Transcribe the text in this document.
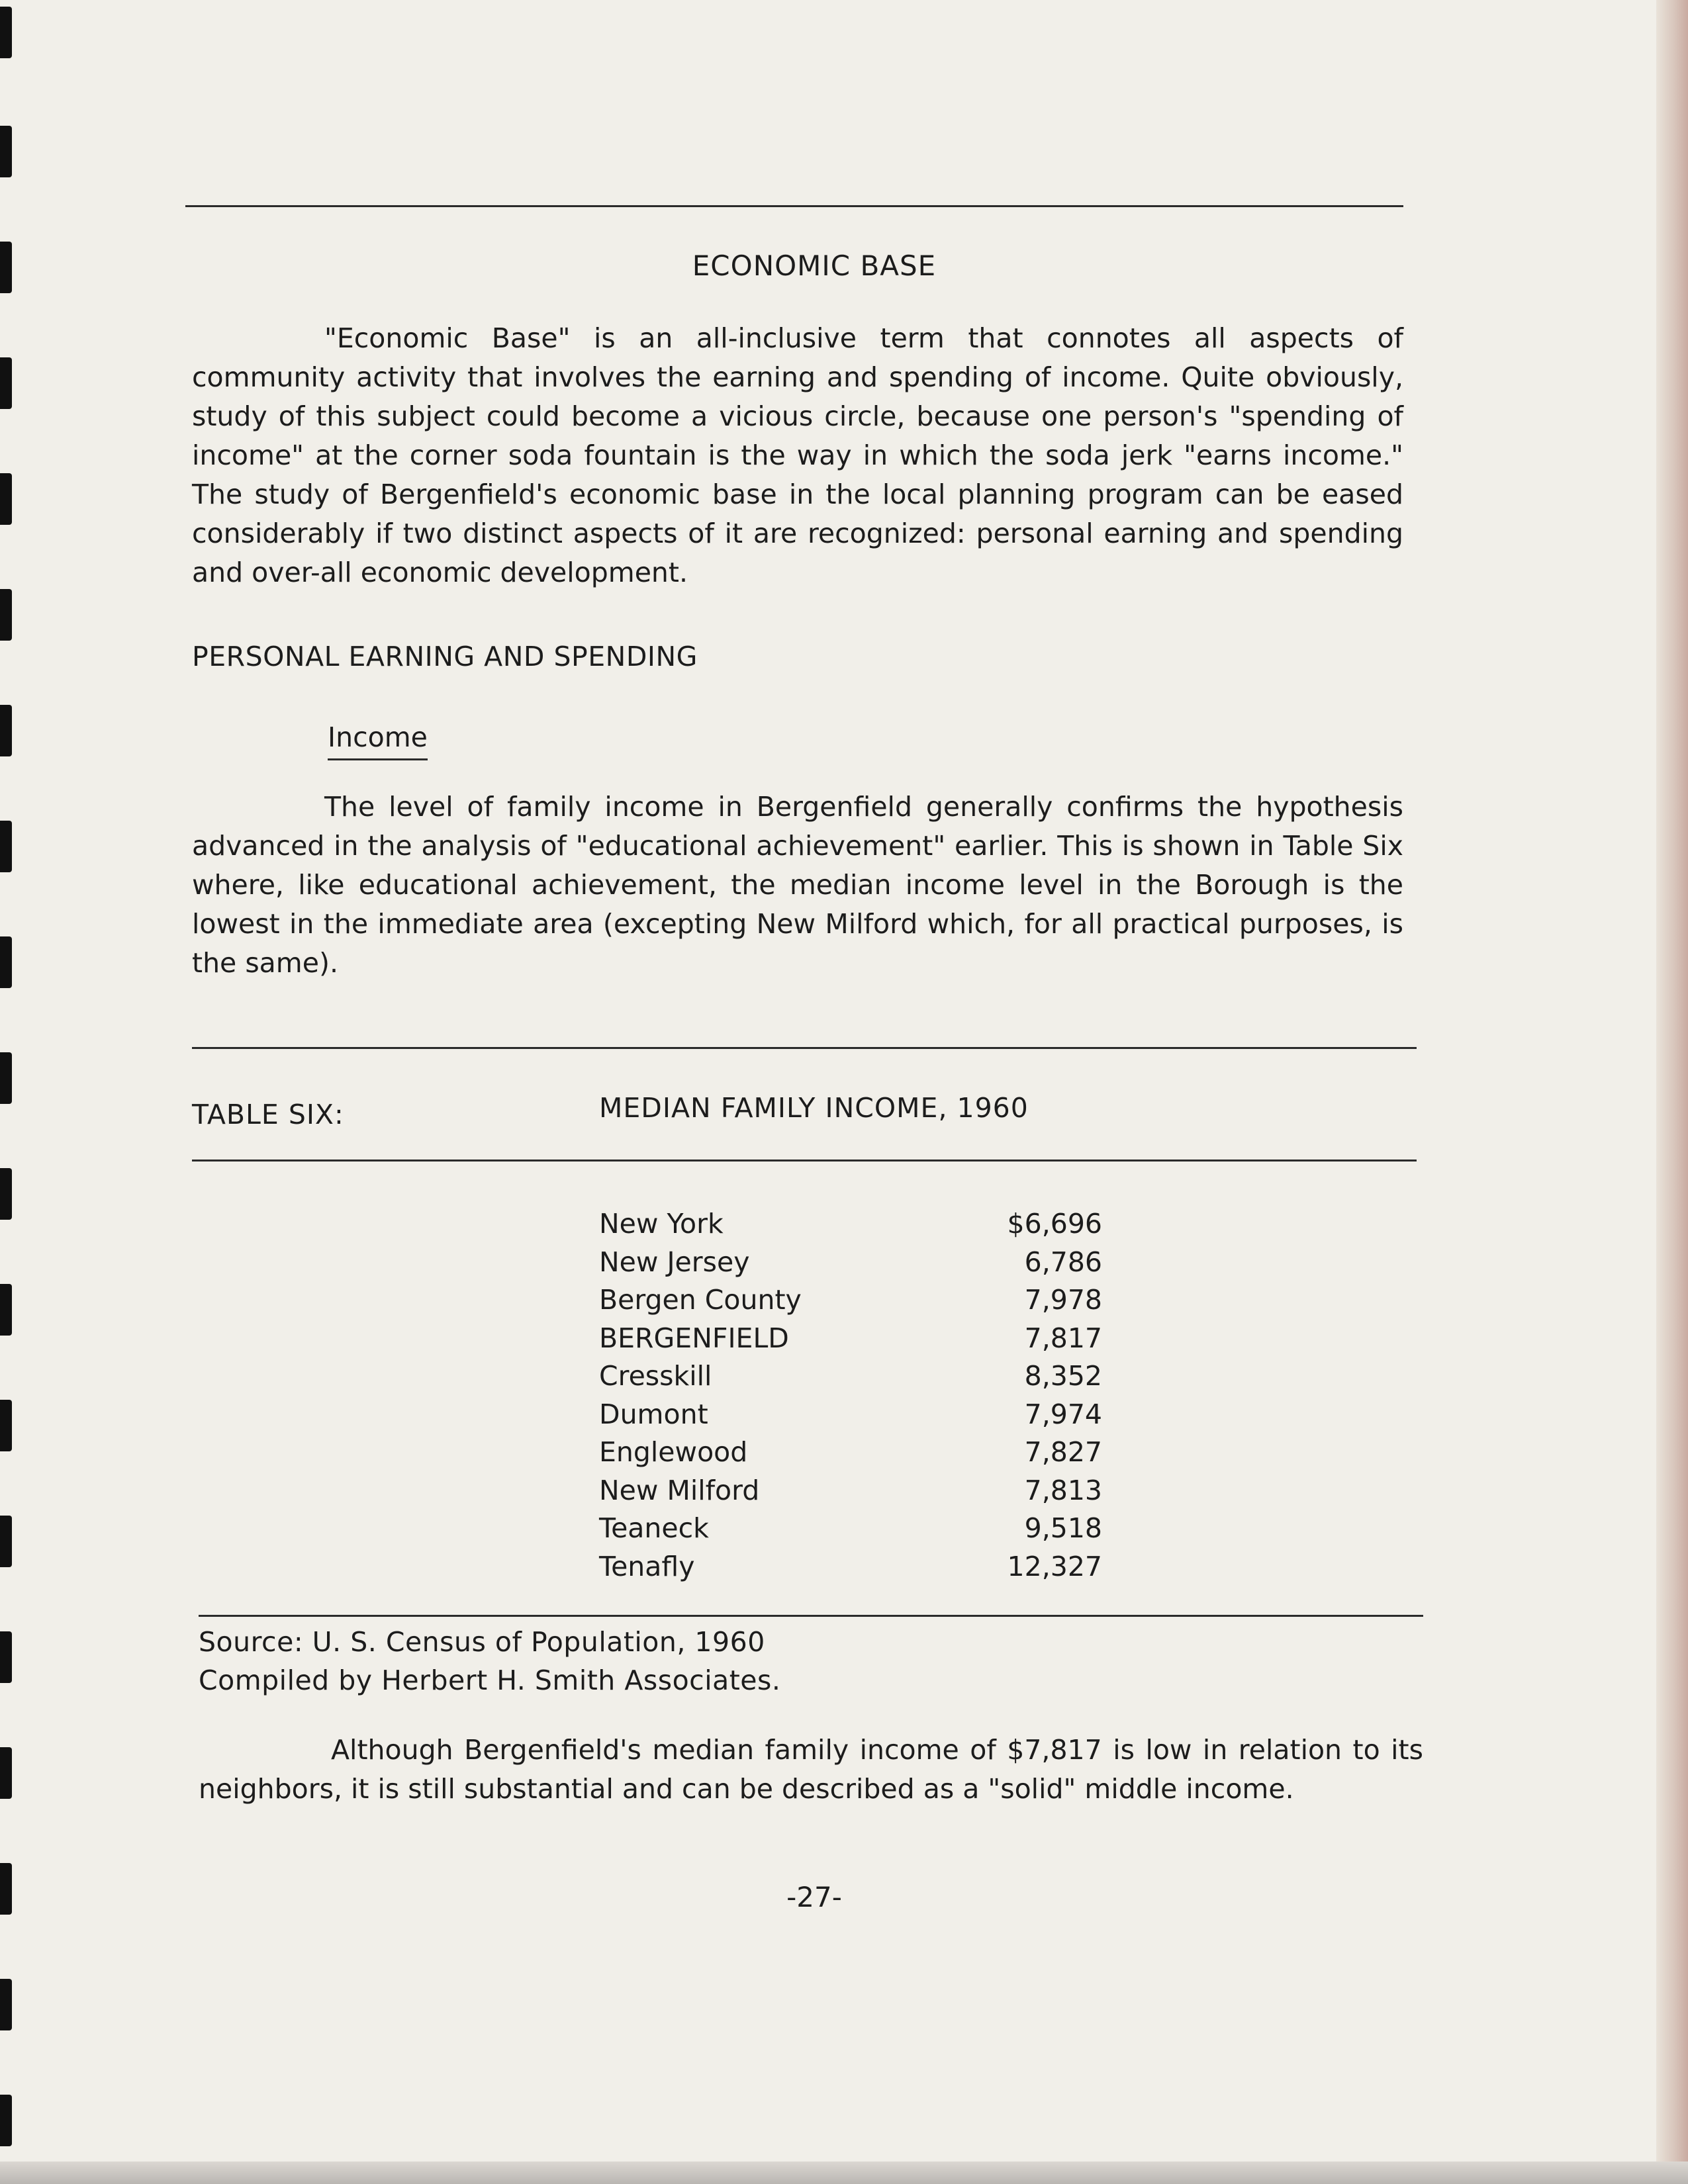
ECONOMIC BASE
"Economic Base" is an all-inclusive term that connotes all aspects of community activity that involves the earning and spending of income. Quite obviously, study of this subject could become a vicious circle, because one person's "spending of income" at the corner soda fountain is the way in which the soda jerk "earns income." The study of Bergenfield's economic base in the local planning program can be eased considerably if two distinct aspects of it are recognized: personal earning and spending and over-all economic development.
PERSONAL EARNING AND SPENDING
Income
The level of family income in Bergenfield generally confirms the hypothesis advanced in the analysis of "educational achievement" earlier. This is shown in Table Six where, like educational achievement, the median income level in the Borough is the lowest in the immediate area (excepting New Milford which, for all practical purposes, is the same).
TABLE SIX:	MEDIAN FAMILY INCOME, 1960
New York	$6,696
New Jersey	6,786
Bergen County	7,978
BERGENFIELD	7,817
Cresskill	8,352
Dumont	7,974
Englewood	7,827
New Milford	7,813
Teaneck	9,518
Tenafly	12,327
Source: U. S. Census of Population, 1960
Compiled by Herbert H. Smith Associates.
Although Bergenfield's median family income of $7,817 is low in relation to its neighbors, it is still substantial and can be described as a "solid" middle income.
-27-
